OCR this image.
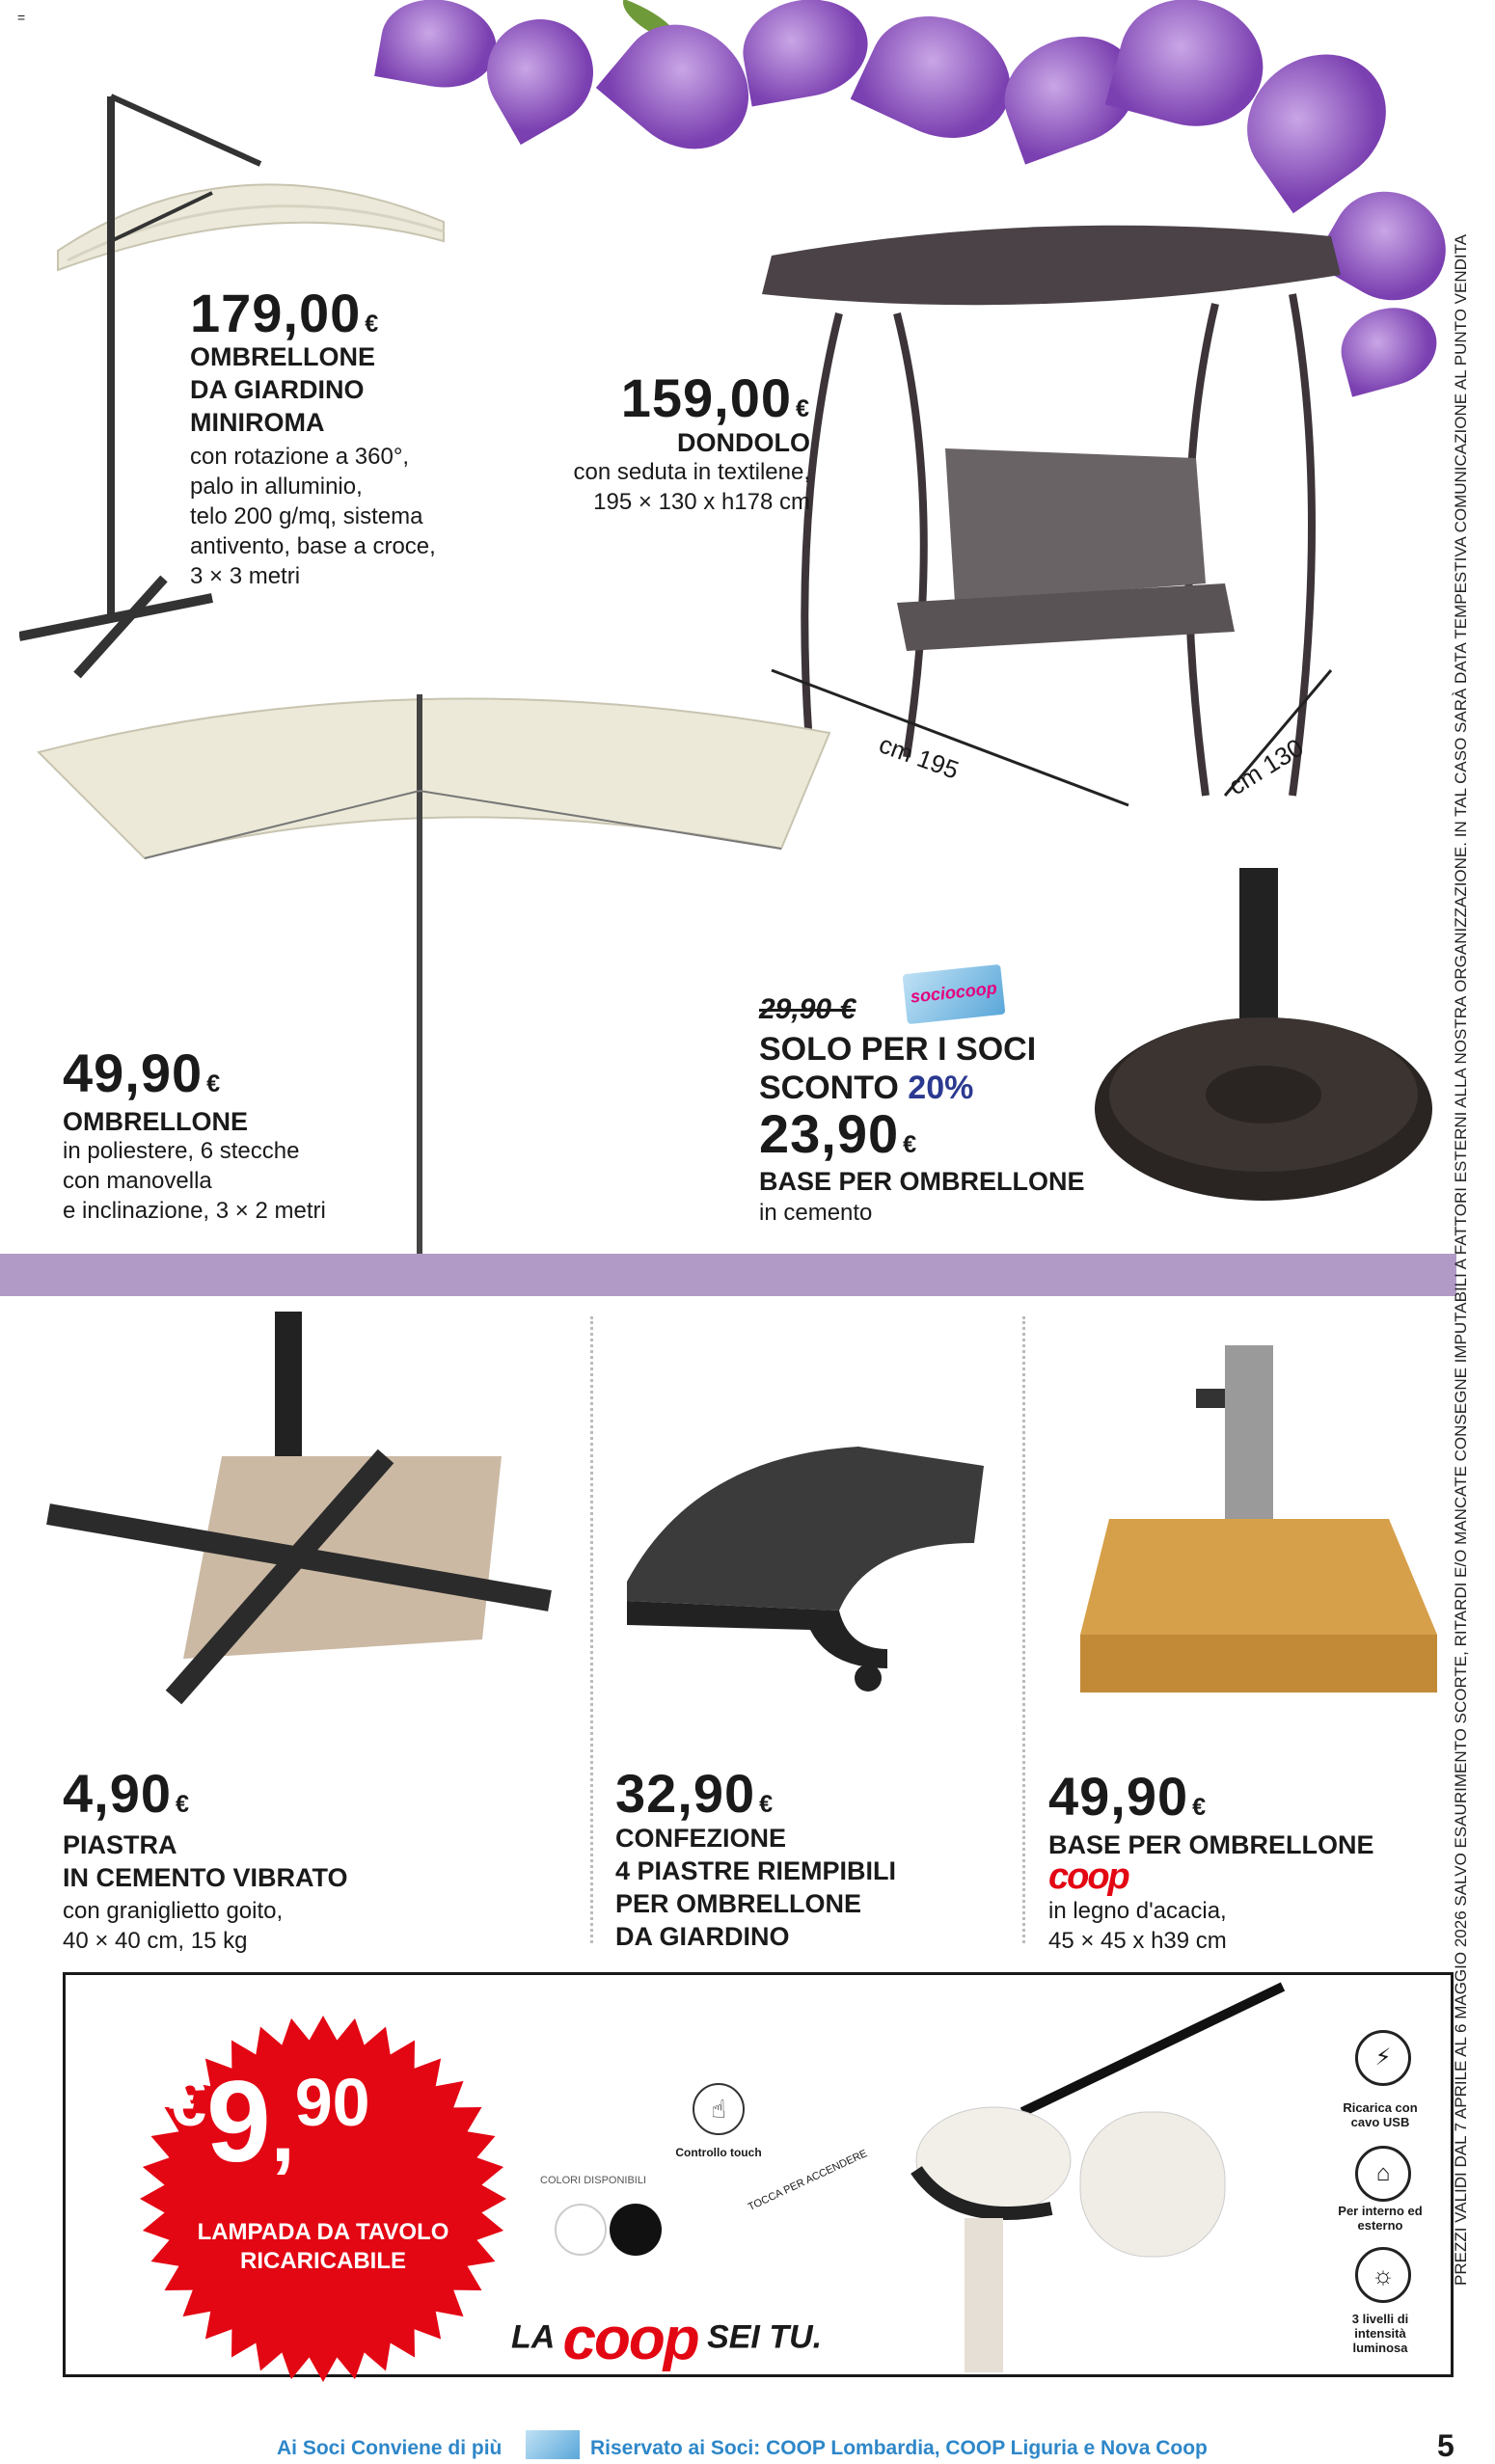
=
179,00 €
OMBRELLONE
DA GIARDINO
MINIROMA
con rotazione a 360°,
palo in alluminio,
telo 200 g/mq, sistema
antivento, base a croce,
3 × 3 metri
159,00 €
DONDOLO
con seduta in textilene,
195 × 130 x h178 cm
cm 195	cm 130
49,90 €
OMBRELLONE
in poliestere, 6 stecche
con manovella
e inclinazione, 3 × 2 metri
29,90 €
sociocoop
SOLO PER I SOCI
SCONTO 20%
23,90 €
BASE PER OMBRELLONE
in cemento
4,90 €
PIASTRA
IN CEMENTO VIBRATO
con graniglietto goito,
40 × 40 cm, 15 kg
32,90 €
CONFEZIONE
4 PIASTRE RIEMPIBILI
PER OMBRELLONE
DA GIARDINO
49,90 €
BASE PER OMBRELLONE
coop
in legno d'acacia,
45 × 45 x h39 cm
€9,90
LAMPADA DA TAVOLO
RICARICABILE
COLORI DISPONIBILI
☝
Controllo touch
TOCCA PER ACCENDERE
LA coop SEI TU.
⚡
Ricarica con cavo USB
⌂
Per interno ed esterno
☼
3 livelli di intensità luminosa
PREZZI VALIDI DAL 7 APRILE AL 6 MAGGIO 2026 SALVO ESAURIMENTO SCORTE, RITARDI E/O MANCATE CONSEGNE IMPUTABILI A FATTORI ESTERNI ALLA NOSTRA ORGANIZZAZIONE. IN TAL CASO SARÀ DATA TEMPESTIVA COMUNICAZIONE AL PUNTO VENDITA
Ai Soci Conviene di più	Riservato ai Soci: COOP Lombardia, COOP Liguria e Nova Coop	5
